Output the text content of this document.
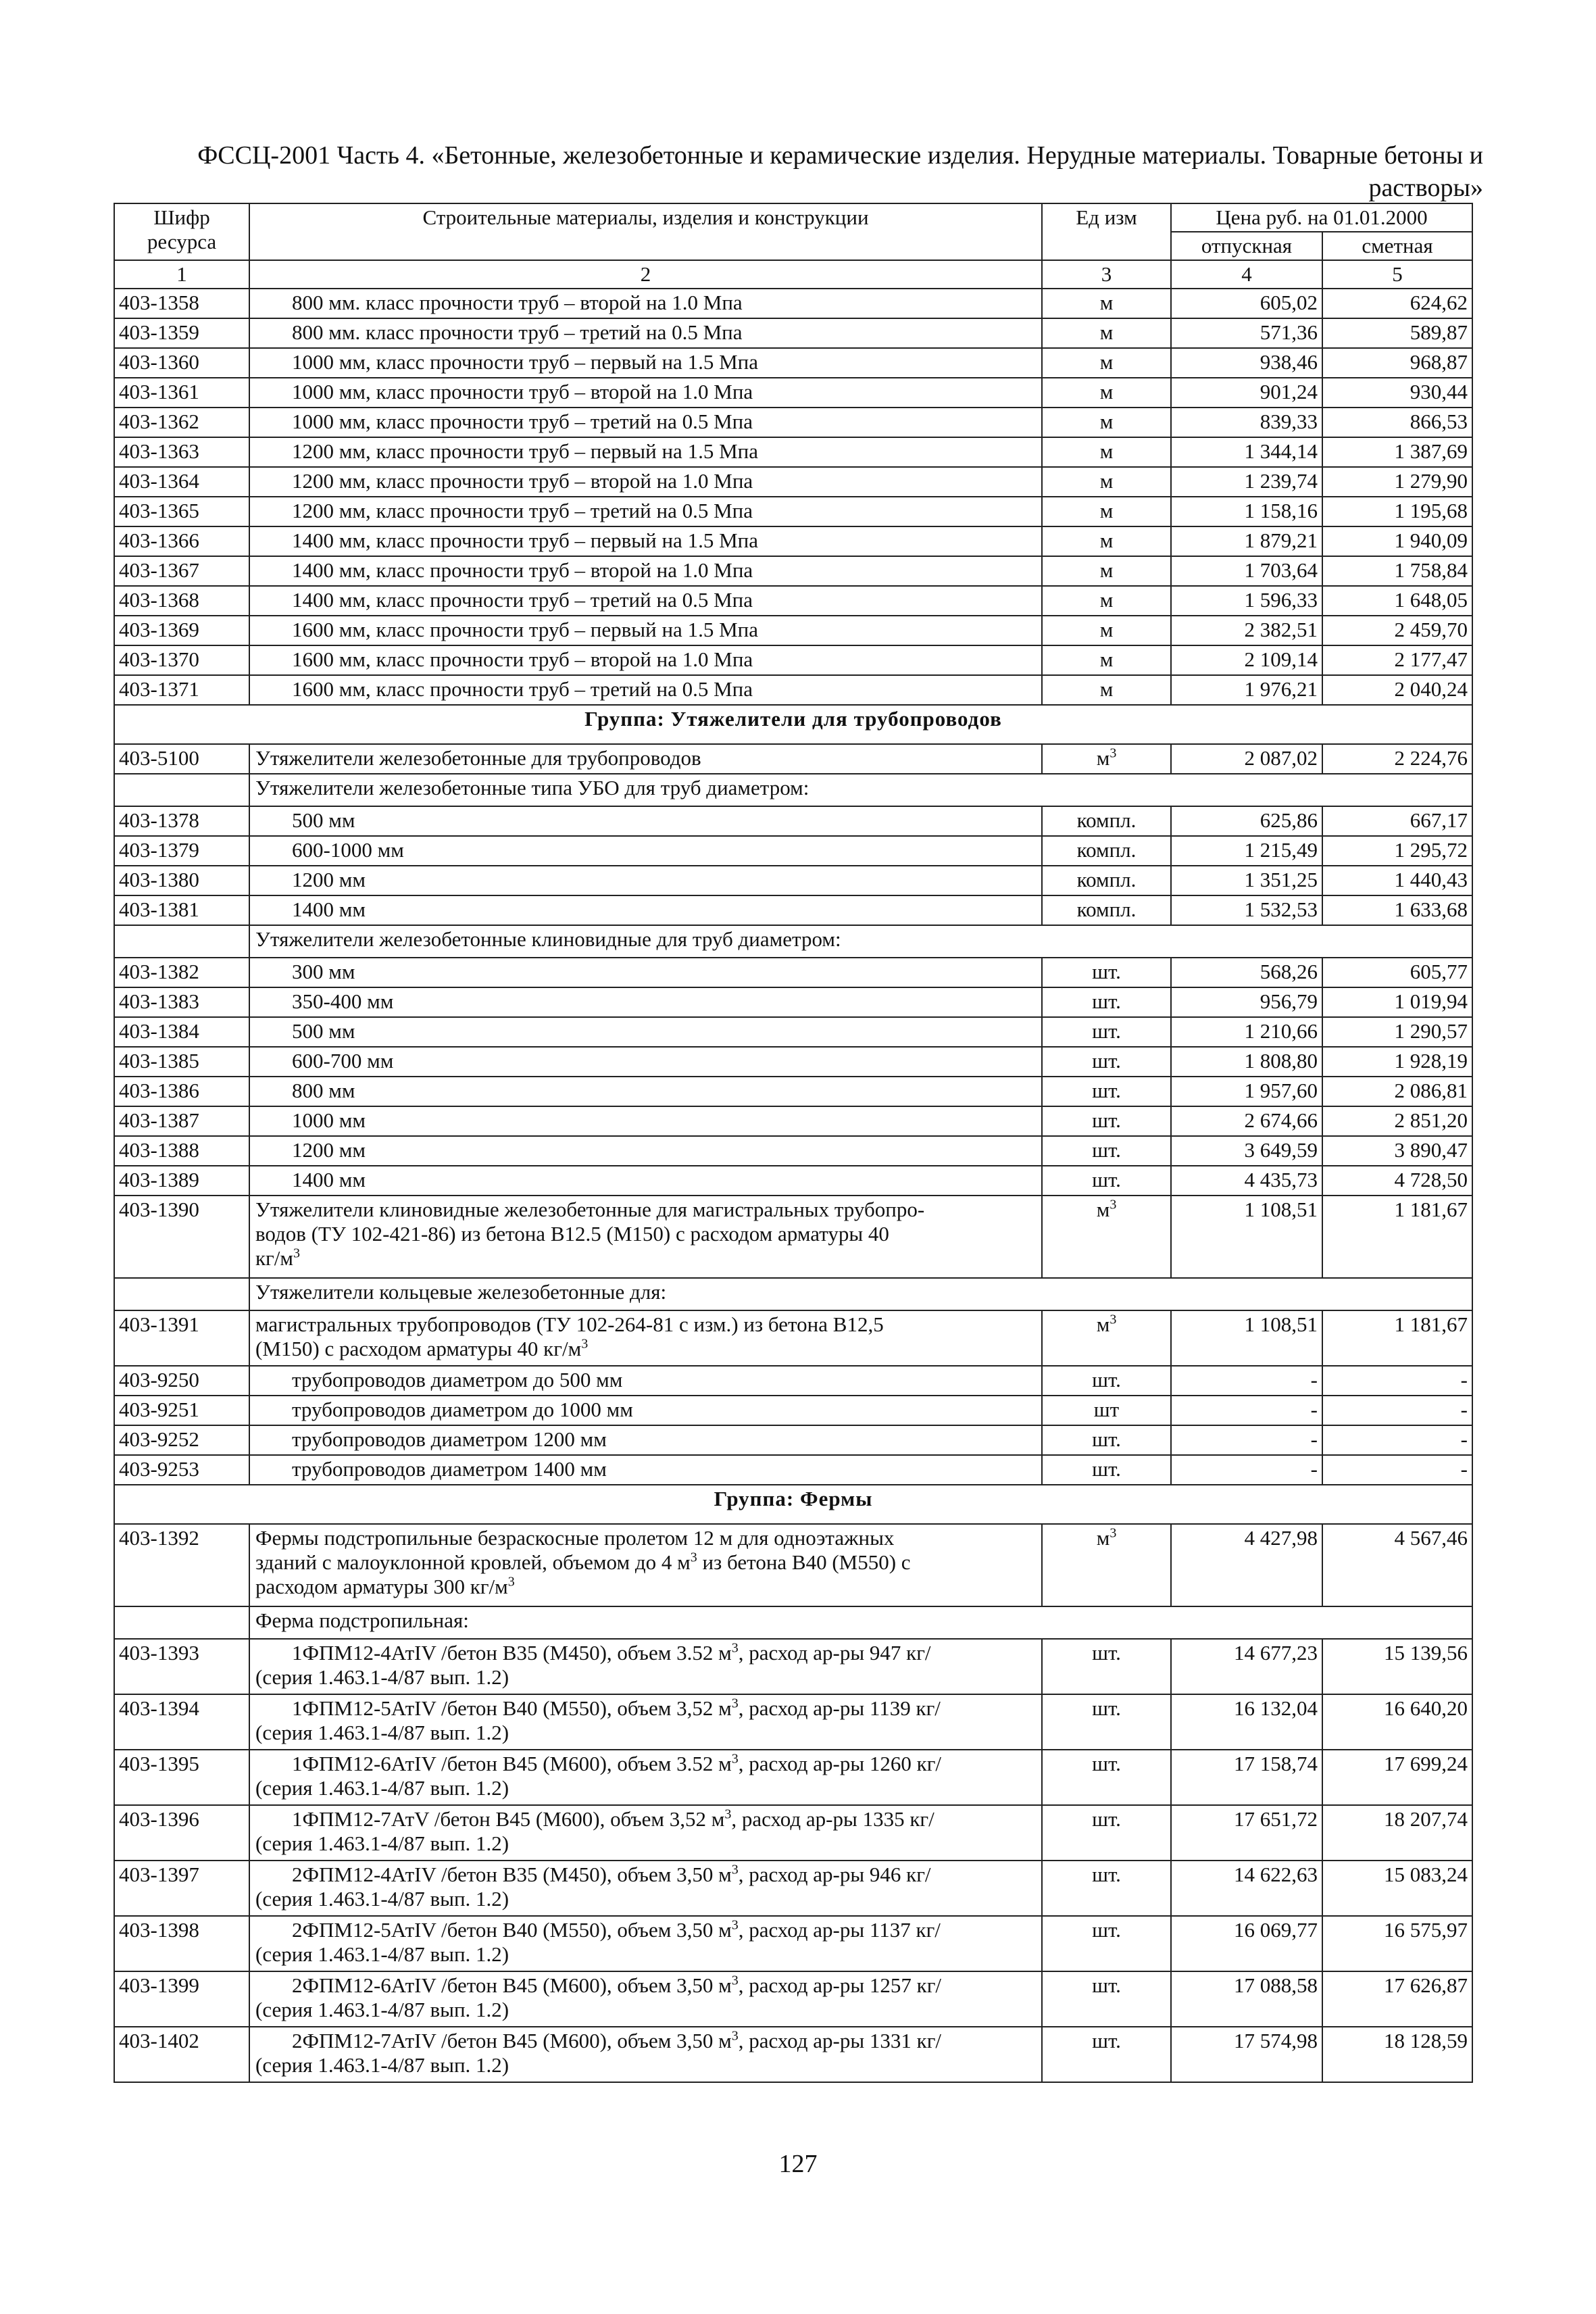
ФССЦ-2001 Часть 4. «Бетонные, железобетонные и керамические изделия. Нерудные материалы. Товарные бетоны и
растворы»
Шифр ресурса	Строительные материалы, изделия и конструкции	Ед изм	Цена руб. на 01.01.2000	
			отпускная	сметная
1	2	3	4	5
403-1358	800 мм. класс прочности труб – второй на 1.0 Мпа	м	605,02	624,62
403-1359	800 мм. класс прочности труб – третий на 0.5 Мпа	м	571,36	589,87
403-1360	1000 мм, класс прочности труб – первый на 1.5 Мпа	м	938,46	968,87
403-1361	1000 мм, класс прочности труб – второй на 1.0 Мпа	м	901,24	930,44
403-1362	1000 мм, класс прочности труб – третий на 0.5 Мпа	м	839,33	866,53
403-1363	1200 мм, класс прочности труб – первый на 1.5 Мпа	м	1 344,14	1 387,69
403-1364	1200 мм, класс прочности труб – второй на 1.0 Мпа	м	1 239,74	1 279,90
403-1365	1200 мм, класс прочности труб – третий на 0.5 Мпа	м	1 158,16	1 195,68
403-1366	1400 мм, класс прочности труб – первый на 1.5 Мпа	м	1 879,21	1 940,09
403-1367	1400 мм, класс прочности труб – второй на 1.0 Мпа	м	1 703,64	1 758,84
403-1368	1400 мм, класс прочности труб – третий на 0.5 Мпа	м	1 596,33	1 648,05
403-1369	1600 мм, класс прочности труб – первый на 1.5 Мпа	м	2 382,51	2 459,70
403-1370	1600 мм, класс прочности труб – второй на 1.0 Мпа	м	2 109,14	2 177,47
403-1371	1600 мм, класс прочности труб – третий на 0.5 Мпа	м	1 976,21	2 040,24
Группа: Утяжелители для трубопроводов				
403-5100	Утяжелители железобетонные для трубопроводов	$м^3$	2 087,02	2 224,76
	Утяжелители железобетонные типа УБО для труб диаметром:			
403-1378	500 мм	компл.	625,86	667,17
403-1379	600-1000 мм	компл.	1 215,49	1 295,72
403-1380	1200 мм	компл.	1 351,25	1 440,43
403-1381	1400 мм	компл.	1 532,53	1 633,68
	Утяжелители железобетонные клиновидные для труб диаметром:			
403-1382	300 мм	шт.	568,26	605,77
403-1383	350-400 мм	шт.	956,79	1 019,94
403-1384	500 мм	шт.	1 210,66	1 290,57
403-1385	600-700 мм	шт.	1 808,80	1 928,19
403-1386	800 мм	шт.	1 957,60	2 086,81
403-1387	1000 мм	шт.	2 674,66	2 851,20
403-1388	1200 мм	шт.	3 649,59	3 890,47
403-1389	1400 мм	шт.	4 435,73	4 728,50
403-1390	Утяжелители клиновидные железобетонные для магистральных трубопро-
водов (ТУ 102-421-86) из бетона В12.5 (М150) с расходом арматуры 40
$кг/м^3$	$м^3$	1 108,51	1 181,67
	Утяжелители кольцевые железобетонные для:			
403-1391	магистральных трубопроводов (ТУ 102-264-81 с изм.) из бетона В12,5
(М150) с расходом арматуры 40 $кг/м^3$	$м^3$	1 108,51	1 181,67
403-9250	трубопроводов диаметром до 500 мм	шт.	-	-
403-9251	трубопроводов диаметром до 1000 мм	шт	-	-
403-9252	трубопроводов диаметром 1200 мм	шт.	-	-
403-9253	трубопроводов диаметром 1400 мм	шт.	-	-
Группа: Фермы				
403-1392	Фермы подстропильные безраскосные пролетом 12 м для одноэтажных
зданий с малоуклонной кровлей, объемом до 4 $м^3$ из бетона В40 (М550) с
расходом арматуры 300 $кг/м^3$	$м^3$	4 427,98	4 567,46
	Ферма подстропильная:			
403-1393	1ФПМ12-4АтIV /бетон В35 (М450), объем 3.52 $м^3$, расход ар-ры 947 кг/
(серия 1.463.1-4/87 вып. 1.2)	шт.	14 677,23	15 139,56
403-1394	1ФПМ12-5АтIV /бетон В40 (М550), объем 3,52 $м^3$, расход ар-ры 1139 кг/
(серия 1.463.1-4/87 вып. 1.2)	шт.	16 132,04	16 640,20
403-1395	1ФПМ12-6АтIV /бетон В45 (М600), объем 3.52 $м^3$, расход ар-ры 1260 кг/
(серия 1.463.1-4/87 вып. 1.2)	шт.	17 158,74	17 699,24
403-1396	1ФПМ12-7АтV /бетон В45 (М600), объем 3,52 $м^3$, расход ар-ры 1335 кг/
(серия 1.463.1-4/87 вып. 1.2)	шт.	17 651,72	18 207,74
403-1397	2ФПМ12-4АтIV /бетон В35 (М450), объем 3,50 $м^3$, расход ар-ры 946 кг/
(серия 1.463.1-4/87 вып. 1.2)	шт.	14 622,63	15 083,24
403-1398	2ФПМ12-5АтIV /бетон В40 (М550), объем 3,50 $м^3$, расход ар-ры 1137 кг/
(серия 1.463.1-4/87 вып. 1.2)	шт.	16 069,77	16 575,97
403-1399	2ФПМ12-6АтIV /бетон В45 (М600), объем 3,50 $м^3$, расход ар-ры 1257 кг/
(серия 1.463.1-4/87 вып. 1.2)	шт.	17 088,58	17 626,87
403-1402	2ФПМ12-7АтIV /бетон В45 (М600), объем 3,50 $м^3$, расход ар-ры 1331 кг/
(серия 1.463.1-4/87 вып. 1.2)	шт.	17 574,98	18 128,59
127
